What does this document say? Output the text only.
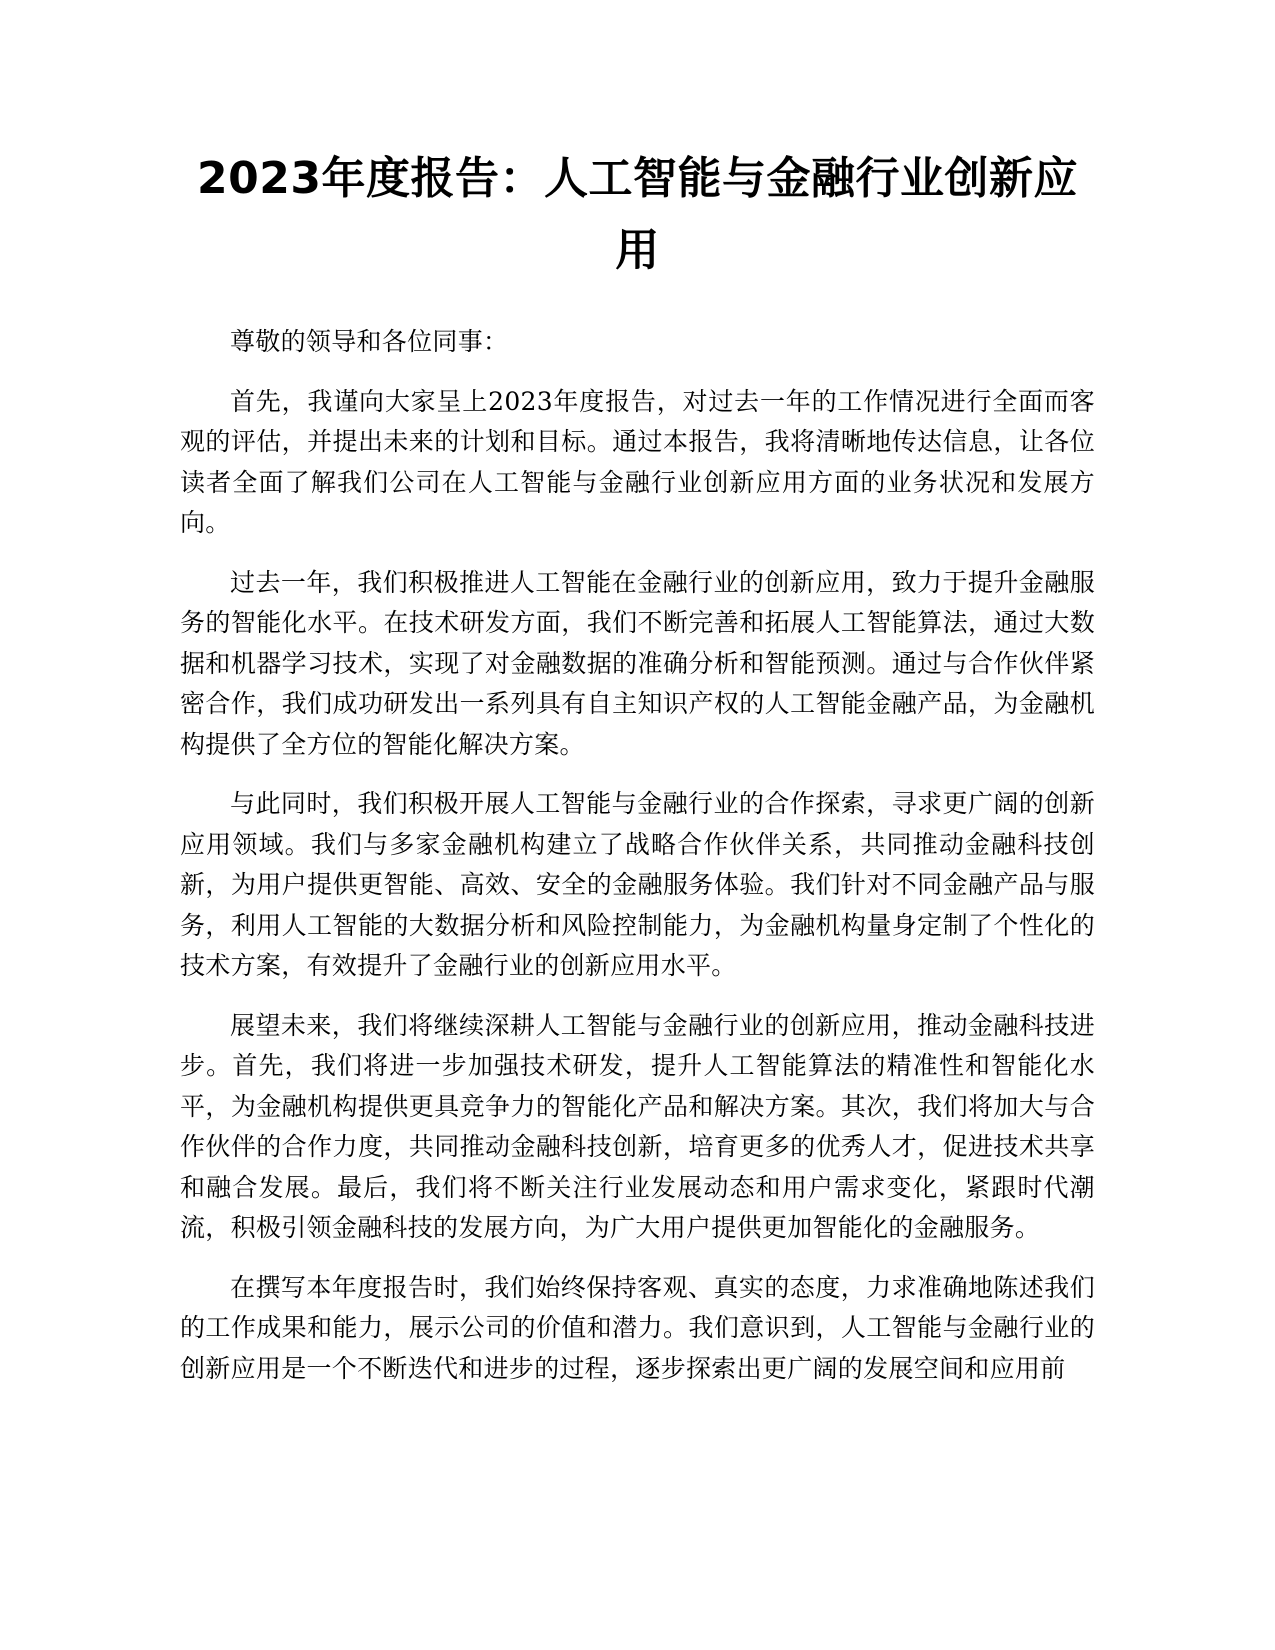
2023年度报告：人工智能与金融行业创新应用

尊敬的领导和各位同事：

首先，我谨向大家呈上2023年度报告，对过去一年的工作情况进行全面而客观的评估，并提出未来的计划和目标。通过本报告，我将清晰地传达信息，让各位读者全面了解我们公司在人工智能与金融行业创新应用方面的业务状况和发展方向。

过去一年，我们积极推进人工智能在金融行业的创新应用，致力于提升金融服务的智能化水平。在技术研发方面，我们不断完善和拓展人工智能算法，通过大数据和机器学习技术，实现了对金融数据的准确分析和智能预测。通过与合作伙伴紧密合作，我们成功研发出一系列具有自主知识产权的人工智能金融产品，为金融机构提供了全方位的智能化解决方案。

与此同时，我们积极开展人工智能与金融行业的合作探索，寻求更广阔的创新应用领域。我们与多家金融机构建立了战略合作伙伴关系，共同推动金融科技创新，为用户提供更智能、高效、安全的金融服务体验。我们针对不同金融产品与服务，利用人工智能的大数据分析和风险控制能力，为金融机构量身定制了个性化的技术方案，有效提升了金融行业的创新应用水平。

展望未来，我们将继续深耕人工智能与金融行业的创新应用，推动金融科技进步。首先，我们将进一步加强技术研发，提升人工智能算法的精准性和智能化水平，为金融机构提供更具竞争力的智能化产品和解决方案。其次，我们将加大与合作伙伴的合作力度，共同推动金融科技创新，培育更多的优秀人才，促进技术共享和融合发展。最后，我们将不断关注行业发展动态和用户需求变化，紧跟时代潮流，积极引领金融科技的发展方向，为广大用户提供更加智能化的金融服务。

在撰写本年度报告时，我们始终保持客观、真实的态度，力求准确地陈述我们的工作成果和能力，展示公司的价值和潜力。我们意识到，人工智能与金融行业的创新应用是一个不断迭代和进步的过程，逐步探索出更广阔的发展空间和应用前
